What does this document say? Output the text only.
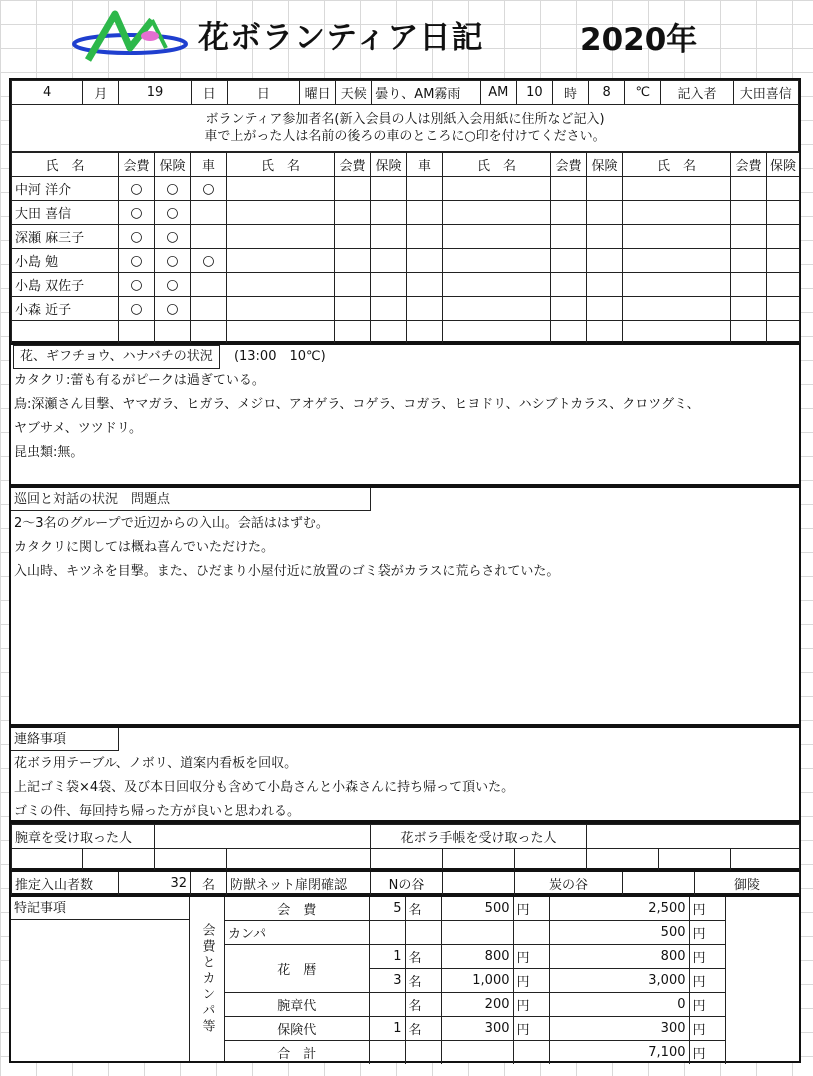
花ボランティア日記	2020年
4	月	19	日	日	曜日	天候	曇り、AM霧雨	AM	10	時	8	℃	記入者	大田喜信

ボランティア参加者名(新入会員の人は別紙入会用紙に住所など記入)
車で上がった人は名前の後ろの車のところに○印を付けてください。
氏　名	会費	保険	車	氏　名	会費	保険	車	氏　名	会費	保険	氏　名	会費	保険
中河 洋介	○	○	○										
大田 喜信	○	○											
深瀬 麻三子	○	○											
小島 勉	○	○	○										
小島 双佐子	○	○											
小森 近子	○	○											

花、ギフチョウ、ハナバチの状況 (13:00　10℃)
カタクリ:蕾も有るがピークは過ぎている。
鳥:深瀬さん目撃、ヤマガラ、ヒガラ、メジロ、アオゲラ、コゲラ、コガラ、ヒヨドリ、ハシブトカラス、クロツグミ、
ヤブサメ、ツツドリ。
昆虫類:無。
巡回と対話の状況　問題点
2～3名のグループで近辺からの入山。会話ははずむ。
カタクリに関しては概ね喜んでいただけた。
入山時、キツネを目撃。また、ひだまり小屋付近に放置のゴミ袋がカラスに荒らされていた。
連絡事項
花ボラ用テーブル、ノボリ、道案内看板を回収。
上記ゴミ袋×4袋、及び本日回収分も含めて小島さんと小森さんに持ち帰って頂いた。
ゴミの件、毎回持ち帰った方が良いと思われる。
腕章を受け取った人				花ボラ手帳を受け取った人					

推定入山者数	32	名	防獣ネット扉閉確認	Nの谷		炭の谷		御陵
特記事項
会費とカンパ等
会　費	5	名	500	円	2,500	円
カンパ					500	円
花　暦	1	名	800	円	800	円
	3	名	1,000	円	3,000	円
腕章代		名	200	円	0	円
保険代	1	名	300	円	300	円
合　計					7,100	円
